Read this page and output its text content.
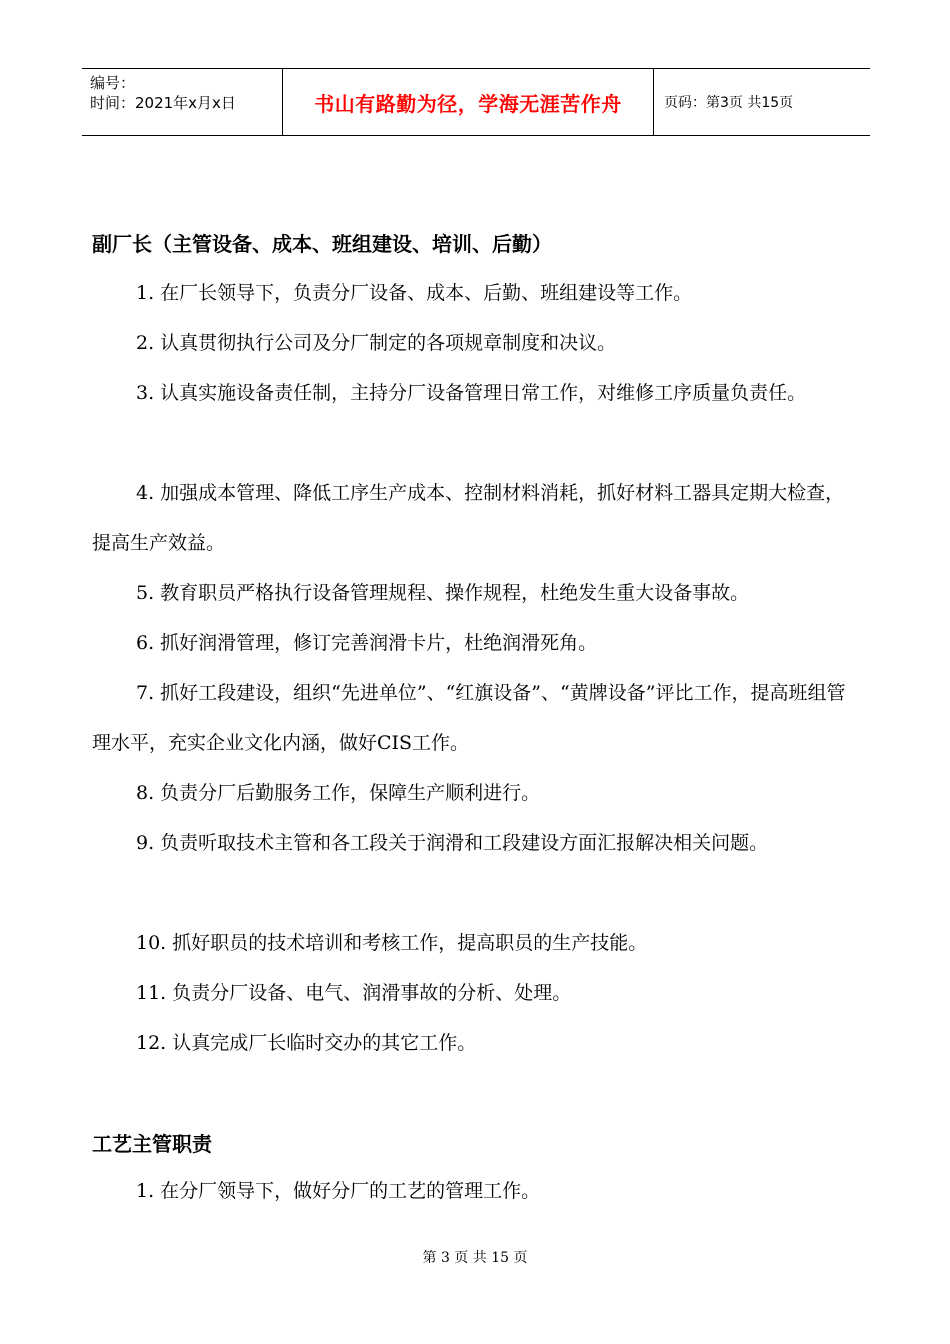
编号：
时间：2021年x月x日	书山有路勤为径，学海无涯苦作舟	页码：第3页 共15页
副厂长（主管设备、成本、班组建设、培训、后勤）
1. 在厂长领导下，负责分厂设备、成本、后勤、班组建设等工作。
2. 认真贯彻执行公司及分厂制定的各项规章制度和决议。
3. 认真实施设备责任制，主持分厂设备管理日常工作，对维修工序质量负责任。
4. 加强成本管理、降低工序生产成本、控制材料消耗，抓好材料工器具定期大检查，提高生产效益。
5. 教育职员严格执行设备管理规程、操作规程，杜绝发生重大设备事故。
6. 抓好润滑管理，修订完善润滑卡片，杜绝润滑死角。
7. 抓好工段建设，组织“先进单位”、“红旗设备”、“黄牌设备”评比工作，提高班组管理水平，充实企业文化内涵，做好CIS工作。
8. 负责分厂后勤服务工作，保障生产顺利进行。
9. 负责听取技术主管和各工段关于润滑和工段建设方面汇报解决相关问题。
10. 抓好职员的技术培训和考核工作，提高职员的生产技能。
11. 负责分厂设备、电气、润滑事故的分析、处理。
12. 认真完成厂长临时交办的其它工作。
工艺主管职责
1. 在分厂领导下，做好分厂的工艺的管理工作。
第 3 页 共 15 页
